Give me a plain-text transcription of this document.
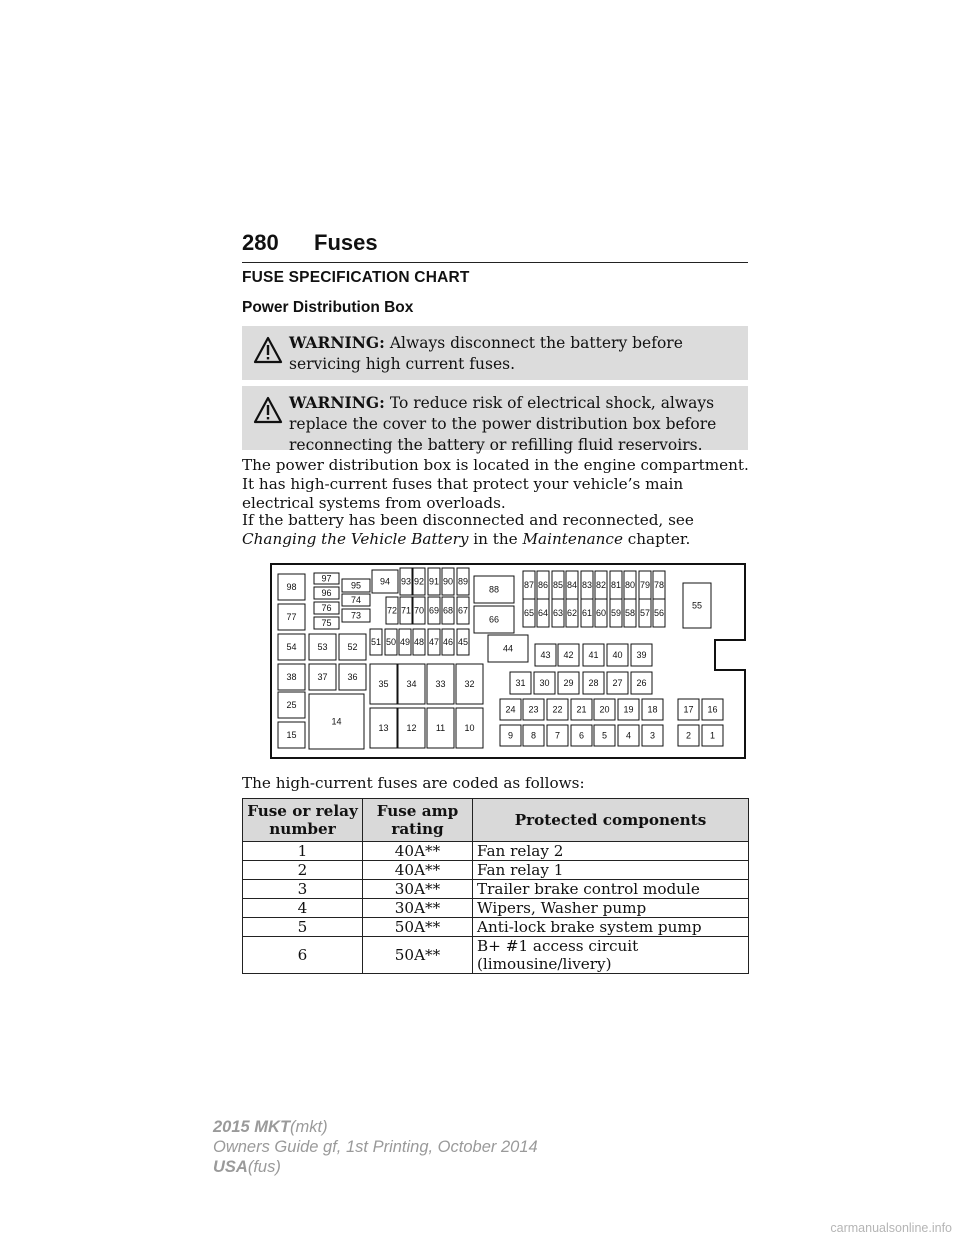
280 Fuses
FUSE SPECIFICATION CHART
Power Distribution Box
WARNING: Always disconnect the battery before servicing high current fuses.
WARNING: To reduce risk of electrical shock, always replace the cover to the power distribution box before reconnecting the battery or refilling fluid reservoirs.
The power distribution box is located in the engine compartment. It has high-current fuses that protect your vehicle’s main electrical systems from overloads.
If the battery has been disconnected and reconnected, see Changing the Vehicle Battery in the Maintenance chapter.
98
77
54
38
25
15
97
96
76
75
95
74
73
53 52
37 36
14
94 93 92 91 90 89
72 71 70 69 68 67
51 50 49 48 47 46 45
35 34 33 32
13 12 11 10
88
66
44
87 86 85 84 83 82 81 80 79 78
65 64 63 62 61 60 59 58 57 56
55
43 42 41 40 39
31 30 29 28 27 26
24 23 22 21 20 19 18
9 8 7 6 5 4 3
17 16
2 1
The high-current fuses are coded as follows:
Fuse or relay number	Fuse amp rating	Protected components
1	40A**	Fan relay 2
2	40A**	Fan relay 1
3	30A**	Trailer brake control module
4	30A**	Wipers, Washer pump
5	50A**	Anti-lock brake system pump
6	50A**	B+ #1 access circuit (limousine/livery)
2015 MKT(mkt)
Owners Guide gf, 1st Printing, October 2014
USA(fus)
carmanualsonline.info
